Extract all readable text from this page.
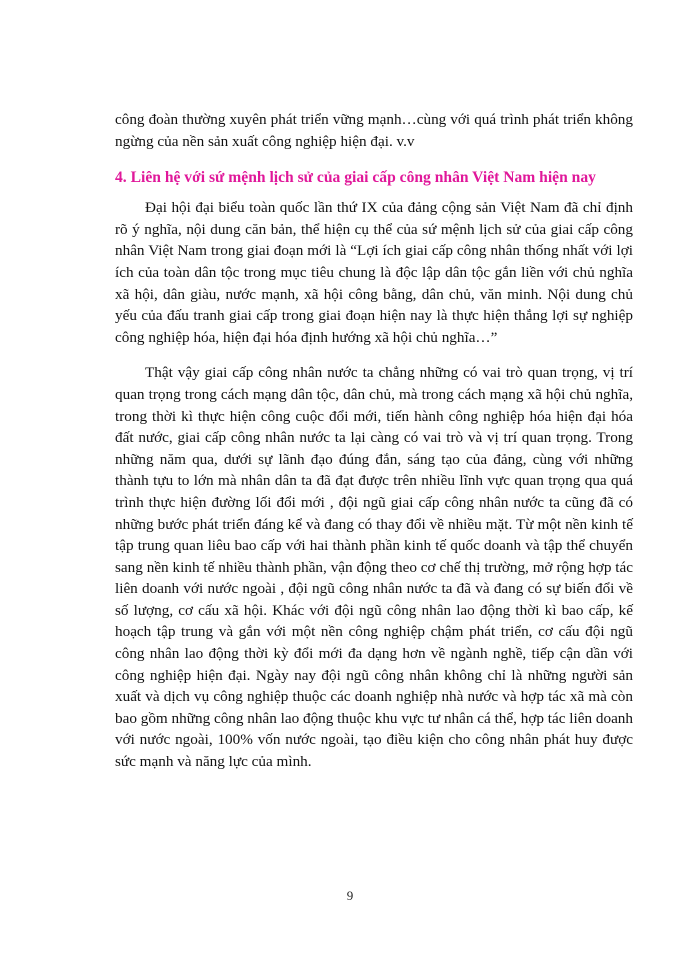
công đoàn thường xuyên phát triển vững mạnh…cùng với quá trình phát triển không ngừng của nền sản xuất công nghiệp hiện đại. v.v

4. Liên hệ với sứ mệnh lịch sử của giai cấp công nhân Việt Nam hiện nay

Đại hội đại biểu toàn quốc lần thứ IX của đảng cộng sản Việt Nam đã chỉ định rõ ý nghĩa, nội dung căn bản, thể hiện cụ thể của sứ mệnh lịch sử của giai cấp công nhân Việt Nam trong giai đoạn mới là “Lợi ích giai cấp công nhân thống nhất với lợi ích của toàn dân tộc trong mục tiêu chung là độc lập dân tộc gắn liền với chủ nghĩa xã hội, dân giàu, nước mạnh, xã hội công bằng, dân chủ, văn minh. Nội dung chủ yếu của đấu tranh giai cấp trong giai đoạn hiện nay là thực hiện thắng lợi sự nghiệp công nghiệp hóa, hiện đại hóa định hướng xã hội chủ nghĩa…”

Thật vậy giai cấp công nhân nước ta chẳng những có vai trò quan trọng, vị trí quan trọng trong cách mạng dân tộc, dân chủ, mà trong cách mạng xã hội chủ nghĩa, trong thời kì thực hiện công cuộc đổi mới, tiến hành công nghiệp hóa hiện đại hóa đất nước, giai cấp công nhân nước ta lại càng có vai trò và vị trí quan trọng. Trong những năm qua, dưới sự lãnh đạo đúng đắn, sáng tạo của đảng, cùng với những thành tựu to lớn mà nhân dân ta đã đạt được trên nhiều lĩnh vực quan trọng qua quá trình thực hiện đường lối đổi mới , đội ngũ giai cấp công nhân nước ta cũng đã có những bước phát triển đáng kể và đang có thay đổi về nhiều mặt. Từ một nền kinh tế tập trung quan liêu bao cấp với hai thành phần kinh tế quốc doanh và tập thể chuyển sang nền kinh tế nhiều thành phần, vận động theo cơ chế thị trường, mở rộng hợp tác liên doanh với nước ngoài , đội ngũ công nhân nước ta đã và đang có sự biến đổi về số lượng, cơ cấu xã hội. Khác với đội ngũ công nhân lao động thời kì bao cấp, kế hoạch tập trung và gắn với một nền công nghiệp chậm phát triển, cơ cấu đội ngũ công nhân lao động thời kỳ đổi mới đa dạng hơn về ngành nghề, tiếp cận dần với công nghiệp hiện đại. Ngày nay đội ngũ công nhân không chỉ là những người sản xuất và dịch vụ công nghiệp thuộc các doanh nghiệp nhà nước và hợp tác xã mà còn bao gồm những công nhân lao động thuộc khu vực tư nhân cá thể, hợp tác liên doanh với nước ngoài, 100% vốn nước ngoài, tạo điều kiện cho công nhân phát huy được sức mạnh và năng lực của mình.

9
